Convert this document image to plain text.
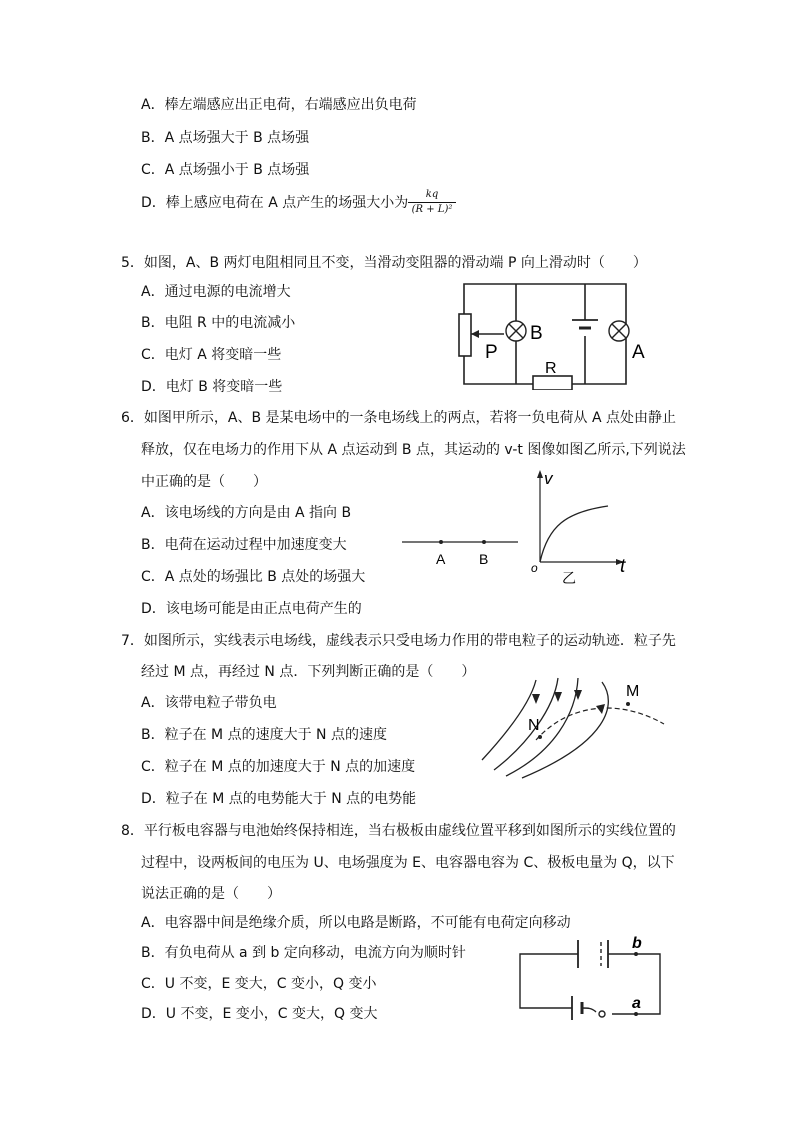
A．棒左端感应出正电荷，右端感应出负电荷
B．A 点场强大于 B 点场强
C．A 点场强小于 B 点场强
D．棒上感应电荷在 A 点产生的场强大小为
kq
(R + L)²
5．如图，A、B 两灯电阻相同且不变，当滑动变阻器的滑动端 P 向上滑动时（　　）
A．通过电源的电流增大
B．电阻 R 中的电流减小
C．电灯 A 将变暗一些
D．电灯 B 将变暗一些
P
B
A
R
6．如图甲所示，A、B 是某电场中的一条电场线上的两点，若将一负电荷从 A 点处由静止
释放，仅在电场力的作用下从 A 点运动到 B 点，其运动的 v-t 图像如图乙所示,下列说法
中正确的是（　　）
A．该电场线的方向是由 A 指向 B
B．电荷在运动过程中加速度变大
C．A 点处的场强比 B 点处的场强大
D．该电场可能是由正点电荷产生的
A B
v
t
o
乙
7．如图所示，实线表示电场线，虚线表示只受电场力作用的带电粒子的运动轨迹．粒子先
经过 M 点，再经过 N 点．下列判断正确的是（　　）
A．该带电粒子带负电
B．粒子在 M 点的速度大于 N 点的速度
C．粒子在 M 点的加速度大于 N 点的加速度
D．粒子在 M 点的电势能大于 N 点的电势能
M
N
8．平行板电容器与电池始终保持相连，当右极板由虚线位置平移到如图所示的实线位置的
过程中，设两板间的电压为 U、电场强度为 E、电容器电容为 C、极板电量为 Q，以下
说法正确的是（　　）
A．电容器中间是绝缘介质，所以电路是断路，不可能有电荷定向移动
B．有负电荷从 a 到 b 定向移动，电流方向为顺时针
C．U 不变，E 变大，C 变小，Q 变小
D．U 不变，E 变小，C 变大，Q 变大
b
a
